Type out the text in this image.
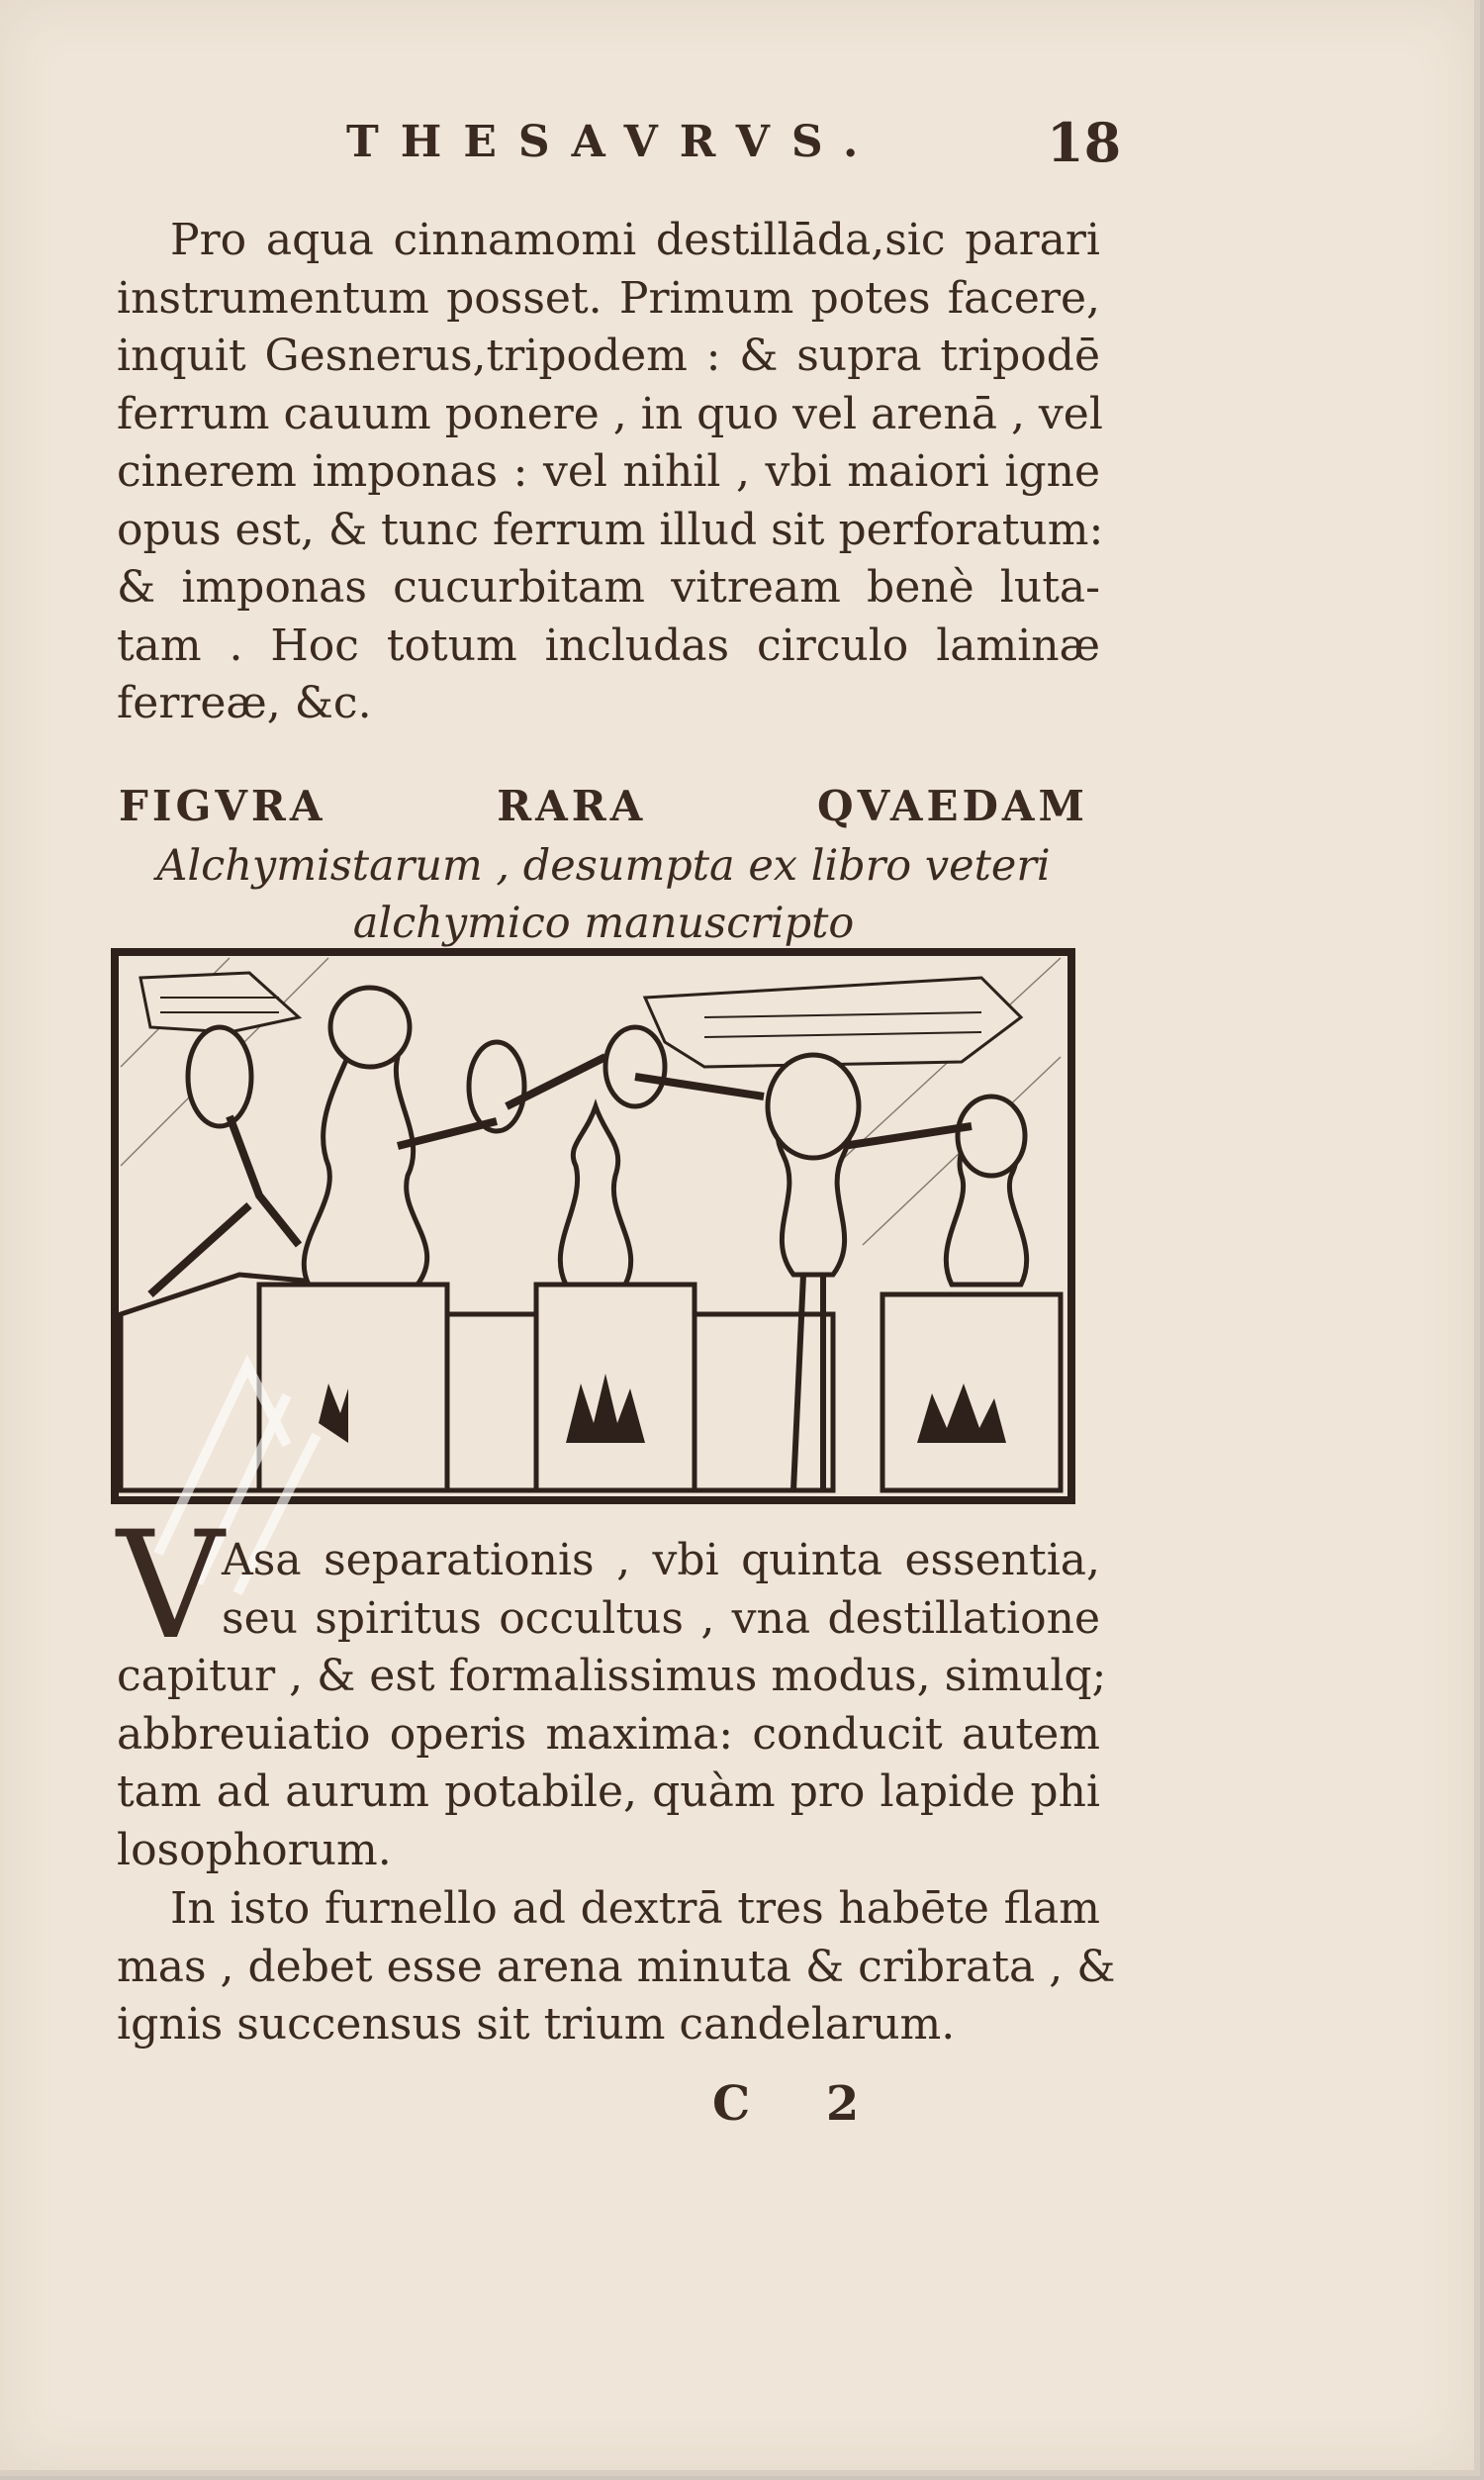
THESAVRVS.	18
Pro aqua cinnamomi destillāda,sic parari
instrumentum posset. Primum potes facere,
inquit Gesnerus,tripodem : & supra tripodē
ferrum cauum ponere , in quo vel arenā , vel
cinerem imponas : vel nihil , vbi maiori igne
opus est, & tunc ferrum illud sit perforatum:
& imponas cucurbitam vitream benè luta-
tam . Hoc totum includas circulo laminæ
ferreæ, &c.
FIGVRA RARA QVAEDAM
Alchymistarum , desumpta ex libro veteri
alchymico manuscripto
V
Asa separationis , vbi quinta essentia,
seu spiritus occultus , vna destillatione
capitur , & est formalissimus modus, simulq;
abbreuiatio operis maxima: conducit autem
tam ad aurum potabile, quàm pro lapide phi
losophorum.
In isto furnello ad dextrā tres habēte flam
mas , debet esse arena minuta & cribrata , &
ignis succensus sit trium candelarum.
C 2
